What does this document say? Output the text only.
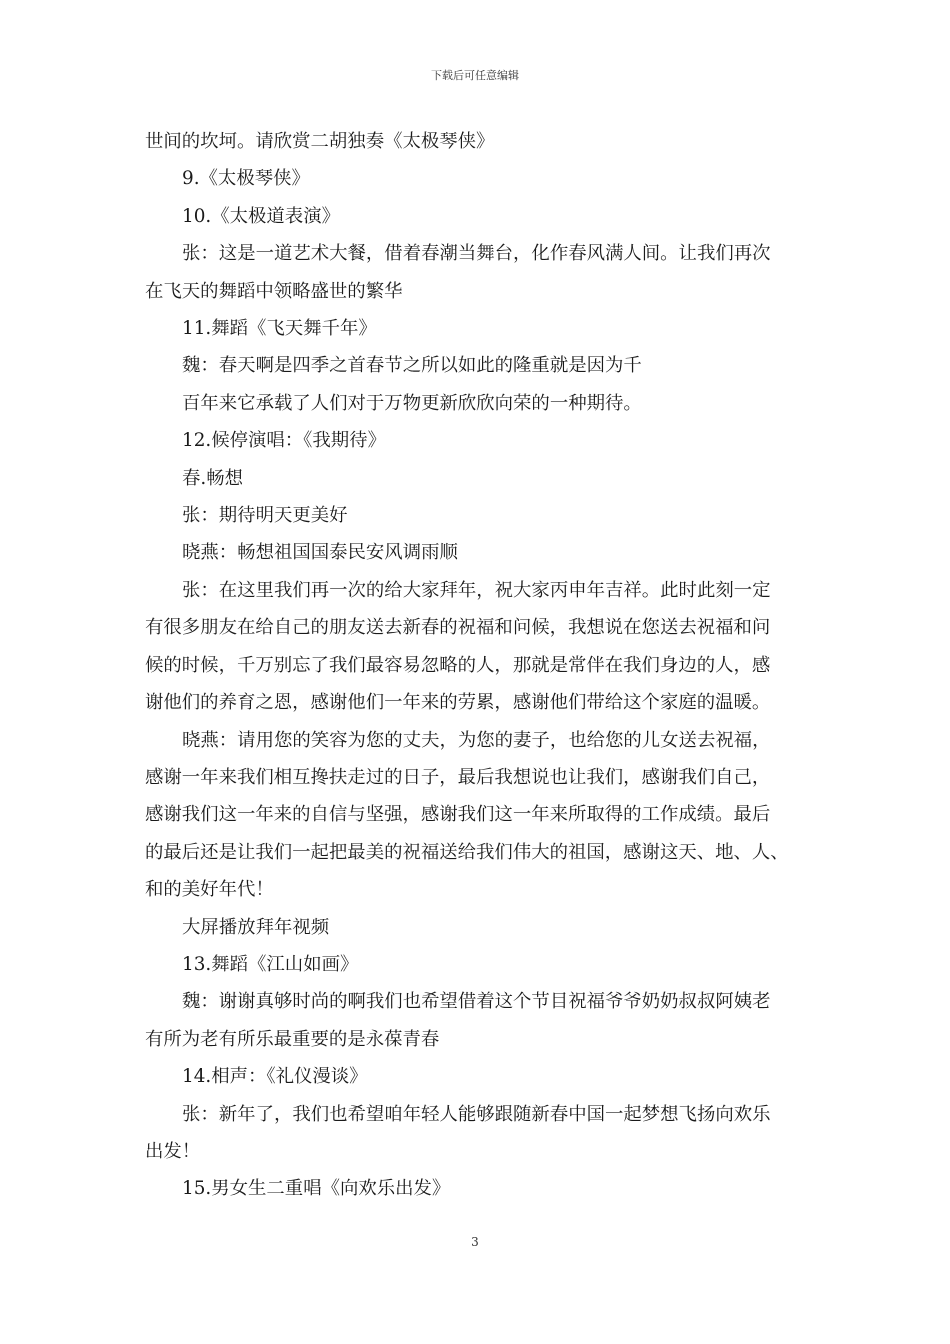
下载后可任意编辑

世间的坎坷。请欣赏二胡独奏《太极琴侠》

9.《太极琴侠》

10.《太极道表演》

张：这是一道艺术大餐，借着春潮当舞台，化作春风满人间。让我们再次

在飞天的舞蹈中领略盛世的繁华

11.舞蹈《飞天舞千年》

魏：春天啊是四季之首春节之所以如此的隆重就是因为千

百年来它承载了人们对于万物更新欣欣向荣的一种期待。

12.候停演唱：《我期待》

春.畅想

张：期待明天更美好

晓燕：畅想祖国国泰民安风调雨顺

张：在这里我们再一次的给大家拜年，祝大家丙申年吉祥。此时此刻一定

有很多朋友在给自己的朋友送去新春的祝福和问候，我想说在您送去祝福和问

候的时候，千万别忘了我们最容易忽略的人，那就是常伴在我们身边的人，感

谢他们的养育之恩，感谢他们一年来的劳累，感谢他们带给这个家庭的温暖。

晓燕：请用您的笑容为您的丈夫，为您的妻子，也给您的儿女送去祝福，

感谢一年来我们相互搀扶走过的日子，最后我想说也让我们，感谢我们自己，

感谢我们这一年来的自信与坚强，感谢我们这一年来所取得的工作成绩。最后

的最后还是让我们一起把最美的祝福送给我们伟大的祖国，感谢这天、地、人、

和的美好年代！

大屏播放拜年视频

13.舞蹈《江山如画》

魏：谢谢真够时尚的啊我们也希望借着这个节目祝福爷爷奶奶叔叔阿姨老

有所为老有所乐最重要的是永葆青春

14.相声：《礼仪漫谈》

张：新年了，我们也希望咱年轻人能够跟随新春中国一起梦想飞扬向欢乐

出发！

15.男女生二重唱《向欢乐出发》

3
